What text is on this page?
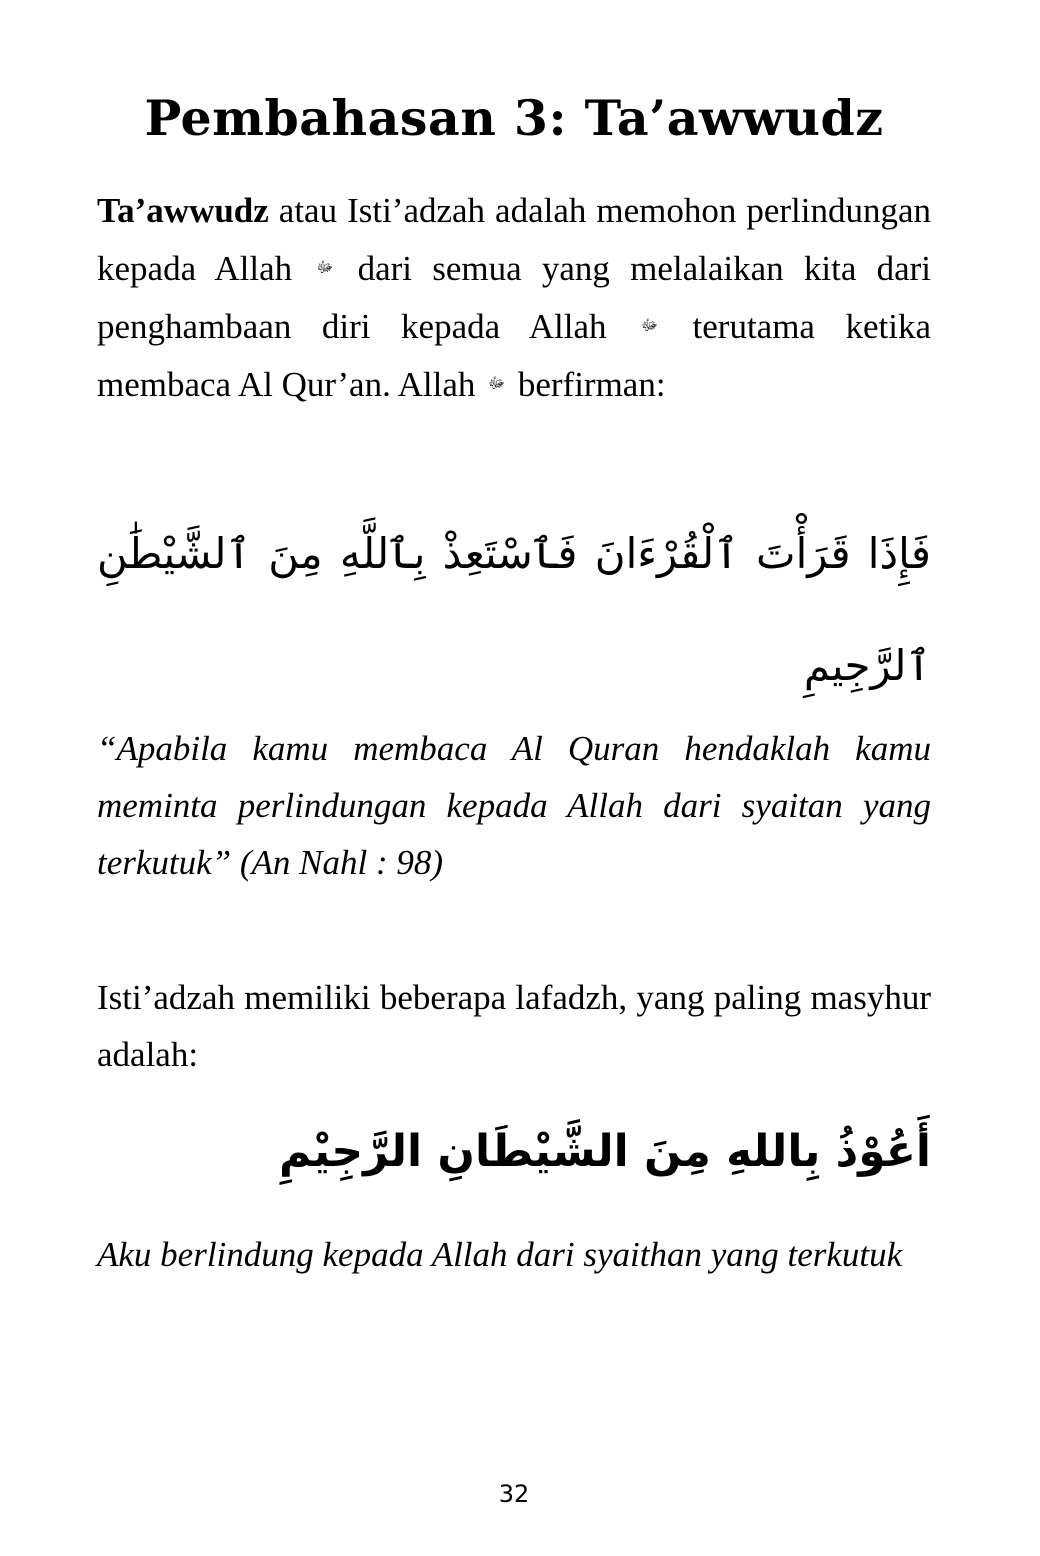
Pembahasan 3: Ta’awwudz

Ta’awwudz atau Isti’adzah adalah memohon perlindungan kepada Allah ﷻ dari semua yang melalaikan kita dari penghambaan diri kepada Allah ﷻ terutama ketika membaca Al Qur’an. Allah ﷻ berfirman:

فَإِذَا قَرَأْتَ ٱلْقُرْءَانَ فَٱسْتَعِذْ بِٱللَّهِ مِنَ ٱلشَّيْطَٰنِ ٱلرَّجِيمِ

“Apabila kamu membaca Al Quran hendaklah kamu meminta perlindungan kepada Allah dari syaitan yang terkutuk” (An Nahl : 98)

Isti’adzah memiliki beberapa lafadzh, yang paling masyhur adalah:

أَعُوْذُ بِاللهِ مِنَ الشَّيْطَانِ الرَّجِيْمِ

Aku berlindung kepada Allah dari syaithan yang terkutuk

32
